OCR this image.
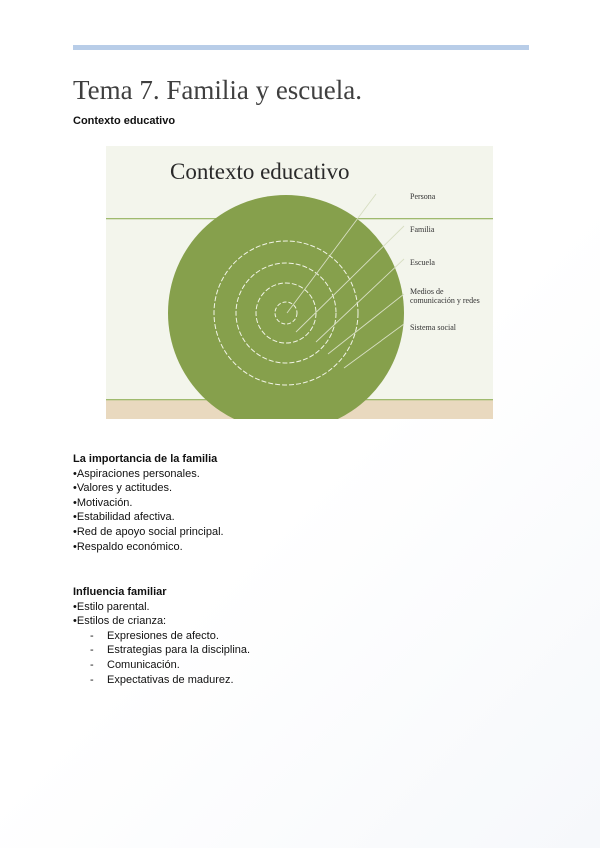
Tema 7. Familia y escuela.

Contexto educativo

Contexto educativo
Persona
Familia
Escuela
Medios de
comunicación y redes
Sistema social
La importancia de la familia
•Aspiraciones personales.
•Valores y actitudes.
•Motivación.
•Estabilidad afectiva.
•Red de apoyo social principal.
•Respaldo económico.
Influencia familiar
•Estilo parental.
•Estilos de crianza:
- Expresiones de afecto.
- Estrategias para la disciplina.
- Comunicación.
- Expectativas de madurez.
